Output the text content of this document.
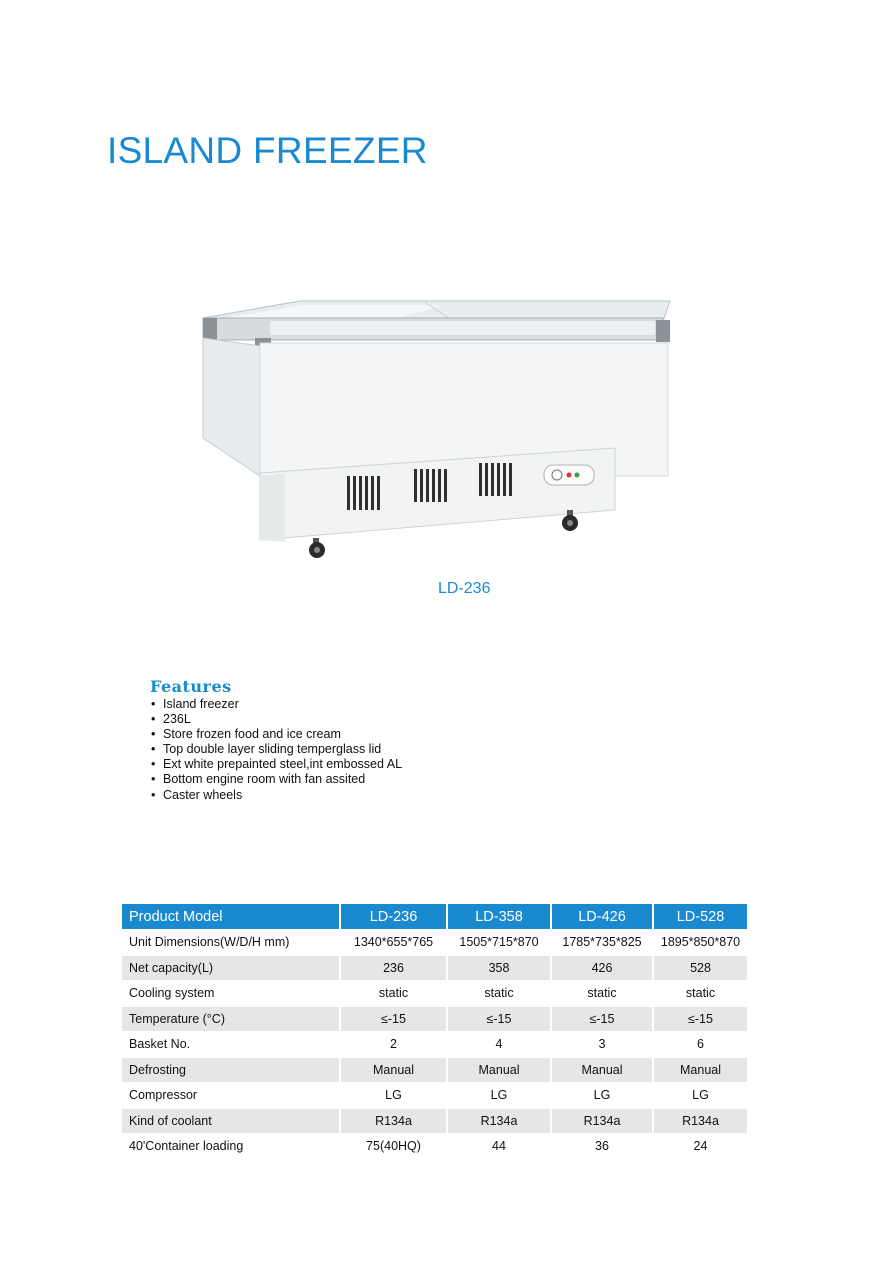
ISLAND FREEZER
LD-236
Features
• Island freezer
• 236L
• Store frozen food and ice cream
• Top double layer sliding temperglass lid
• Ext white prepainted steel,int embossed AL
• Bottom engine room with fan assited
• Caster wheels
Product Model	LD-236	LD-358	LD-426	LD-528
Unit Dimensions(W/D/H mm)	1340*655*765	1505*715*870	1785*735*825	1895*850*870
Net capacity(L)	236	358	426	528
Cooling system	static	static	static	static
Temperature (°C)	≤-15	≤-15	≤-15	≤-15
Basket No.	2	4	3	6
Defrosting	Manual	Manual	Manual	Manual
Compressor	LG	LG	LG	LG
Kind of coolant	R134a	R134a	R134a	R134a
40'Container loading	75(40HQ)	44	36	24
